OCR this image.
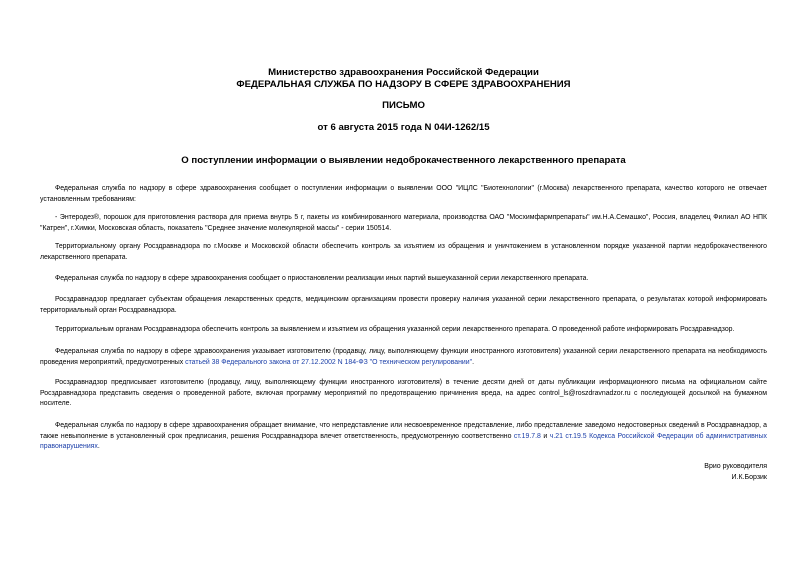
Министерство здравоохранения Российской Федерации
ФЕДЕРАЛЬНАЯ СЛУЖБА ПО НАДЗОРУ В СФЕРЕ ЗДРАВООХРАНЕНИЯ
ПИСЬМО
от 6 августа 2015 года N 04И-1262/15
О поступлении информации о выявлении недоброкачественного лекарственного препарата
Федеральная служба по надзору в сфере здравоохранения сообщает о поступлении информации о выявлении ООО "ИЦЛС "Биотехнологии" (г.Москва) лекарственного препарата, качество которого не отвечает установленным требованиям:
- Энтеродез®, порошок для приготовления раствора для приема внутрь 5 г, пакеты из комбинированного материала, производства ОАО "Мосхимфармпрепараты" им.Н.А.Семашко", Россия, владелец Филиал АО НПК "Катрен", г.Химки, Московская область, показатель "Среднее значение молекулярной массы" - серии 150514.
Территориальному органу Росздравнадзора по г.Москве и Московской области обеспечить контроль за изъятием из обращения и уничтожением в установленном порядке указанной партии недоброкачественного лекарственного препарата.
Федеральная служба по надзору в сфере здравоохранения сообщает о приостановлении реализации иных партий вышеуказанной серии лекарственного препарата.
Росздравнадзор предлагает субъектам обращения лекарственных средств, медицинским организациям провести проверку наличия указанной серии лекарственного препарата, о результатах которой информировать территориальный орган Росздравнадзора.
Территориальным органам Росздравнадзора обеспечить контроль за выявлением и изъятием из обращения указанной серии лекарственного препарата. О проведенной работе информировать Росздравнадзор.
Федеральная служба по надзору в сфере здравоохранения указывает изготовителю (продавцу, лицу, выполняющему функции иностранного изготовителя) указанной серии лекарственного препарата на необходимость проведения мероприятий, предусмотренных статьей 38 Федерального закона от 27.12.2002 N 184-ФЗ "О техническом регулировании".
Росздравнадзор предписывает изготовителю (продавцу, лицу, выполняющему функции иностранного изготовителя) в течение десяти дней от даты публикации информационного письма на официальном сайте Росздравнадзора представить сведения о проведенной работе, включая программу мероприятий по предотвращению причинения вреда, на адрес control_ls@roszdravnadzor.ru с последующей досылкой на бумажном носителе.
Федеральная служба по надзору в сфере здравоохранения обращает внимание, что непредставление или несвоевременное представление, либо представление заведомо недостоверных сведений в Росздравнадзор, а также невыполнение в установленный срок предписания, решения Росздравнадзора влечет ответственность, предусмотренную соответственно ст.19.7.8 и ч.21 ст.19.5 Кодекса Российской Федерации об административных правонарушениях.
Врио руководителя
И.К.Борзик
